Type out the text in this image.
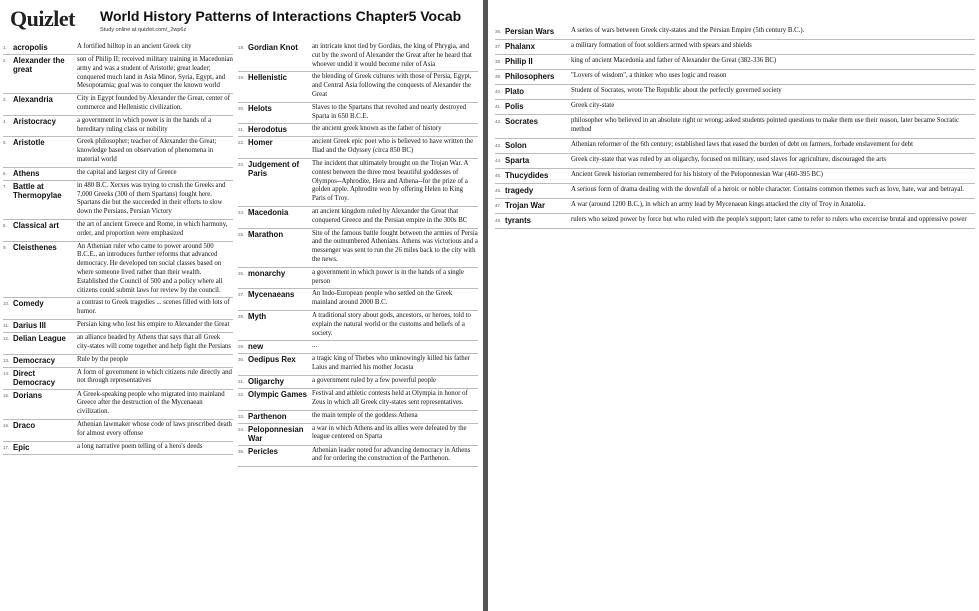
Quizlet World History Patterns of Interactions Chapter5 Vocab
Study online at quizlet.com/_2wp6z
1. acropolis	A fortified hilltop in an ancient Greek city
2. Alexander the great
son of Philip II; received military training in Macedonian army and was a student of Aristotle; great leader; conquered much land in Asia Minor, Syria, Egypt, and Mesopotamia; goal was to conquer the known world
3. Alexandria	City in Egypt founded by Alexander the Great, center of commerce and Hellenistic civilization.
4. Aristocracy	a government in which power is in the hands of a hereditary ruling class or nobility
5. Aristotle	Greek philosopher; teacher of Alexander the Great; knowledge based on observation of phenomena in material world
6. Athens	the capital and largest city of Greece
7. Battle at Thermopylae
in 480 B.C. Xerxes was trying to crush the Greeks and 7,000 Greeks (300 of them Spartans) fought here. Spartans die but the succeeded in their efforts to slow down the Persians, Persian Victory
8. Classical art	the art of ancient Greece and Rome, in which harmony, order, and proportion were emphasized
9. Cleisthenes	An Athenian ruler who came to power around 500 B.C.E., an introduces further reforms that advanced democracy. He developed ten social classes based on where someone lived rather than their wealth. Established the Council of 500 and a policy where all citizens could submit laws for review by the council.
10. Comedy	a contrast to Greek tragedies ... scenes filled with lots of humor.
11. Darius III	Persian king who lost his empire to Alexander the Great
12. Delian League	an alliance headed by Athens that says that all Greek city-states will come together and help fight the Persians
13. Democracy	Rule by the people
14. Direct Democracy
A form of government in which citizens rule directly and not through representatives
15. Dorians	A Greek-speaking people who migrated into mainland Greece after the destruction of the Mycenaean civilization.
16. Draco	Athenian lawmaker whose code of laws prescribed death for almost every offense
17. Epic	a long narrative poem telling of a hero's deeds
18. Gordian Knot	an intricate knot tied by Gordius, the king of Phrygia, and cut by the sword of Alexander the Great after he heard that whoever undid it would become ruler of Asia
19. Hellenistic	the blending of Greek cultures with those of Persia, Egypt, and Central Asia following the conquests of Alexander the Great
20. Helots	Slaves to the Spartans that revolted and nearly destroyed Sparta in 650 B.C.E.
21. Herodotus	the ancient greek known as the father of history
22. Homer	ancient Greek epic poet who is believed to have written the Iliad and the Odyssey (circa 850 BC)
23. Judgement of Paris
The incident that ultimately brought on the Trojan War. A contest between the three most beautiful goddesses of Olympos--Aphrodite, Hera and Athena--for the prize of a golden apple. Aphrodite won by offering Helen to King Paris of Troy.
24. Macedonia	an ancient kingdom ruled by Alexander the Great that conquered Greece and the Persian empire in the 300s BC
25. Marathon	Site of the famous battle fought between the armies of Persia and the outnumbered Athenians. Athens was victorious and a messenger was sent to run the 26 miles back to the city with the news.
26. monarchy	a government in which power is in the hands of a single person
27. Mycenaeans	An Indo-European people who settled on the Greek mainland around 2000 B.C.
28. Myth	A traditional story about gods, ancestors, or heroes, told to explain the natural world or the customs and beliefs of a society.
29. new	...
30. Oedipus Rex	a tragic king of Thebes who unknowingly killed his father Laius and married his mother Jocasta
31. Oligarchy	a government ruled by a few powerful people
32. Olympic Games Festival and athletic contests held at Olympia in honor of Zeus in which all Greek city-states sent representatives.
33. Parthenon	the main temple of the goddess Athena
34. Peloponnesian War
a war in which Athens and its allies were defeated by the league centered on Sparta
35. Pericles	Athenian leader noted for advancing democracy in Athens and for ordering the construction of the Parthenon.
36. Persian Wars	A series of wars between Greek city-states and the Persian Empire (5th century B.C.).
37. Phalanx	a military formation of foot soldiers armed with spears and shields
38. Philip II	king of ancient Macedonia and father of Alexander the Great (382-336 BC)
39. Philosophers	"Lovers of wisdom", a thinker who uses logic and reason
40. Plato	Student of Socrates, wrote The Republic about the perfectly governed society
41. Polis	Greek city-state
42. Socrates	philosopher who believed in an absolute right or wrong; asked students pointed questions to make them use their reason, later became Socratic method
43. Solon	Athenian reformer of the 6th century; established laws that eased the burden of debt on farmers, forbade enslavement for debt
44. Sparta	Greek city-state that was ruled by an oligarchy, focused on military, used slaves for agriculture, discouraged the arts
45. Thucydides	Ancient Greek historian remembered for his history of the Peloponnesian War (460-395 BC)
46. tragedy	A serious form of drama dealing with the downfall of a heroic or noble character. Contains common themes such as love, hate, war and betrayal.
47. Trojan War	A war (around 1200 B.C.), in which an army lead by Mycenaean kings attacked the city of Troy in Anatolia.
48. tyrants	rulers who seized power by force but who ruled with the people's support; later came to refer to rulers who excercise brutal and oppressive power
